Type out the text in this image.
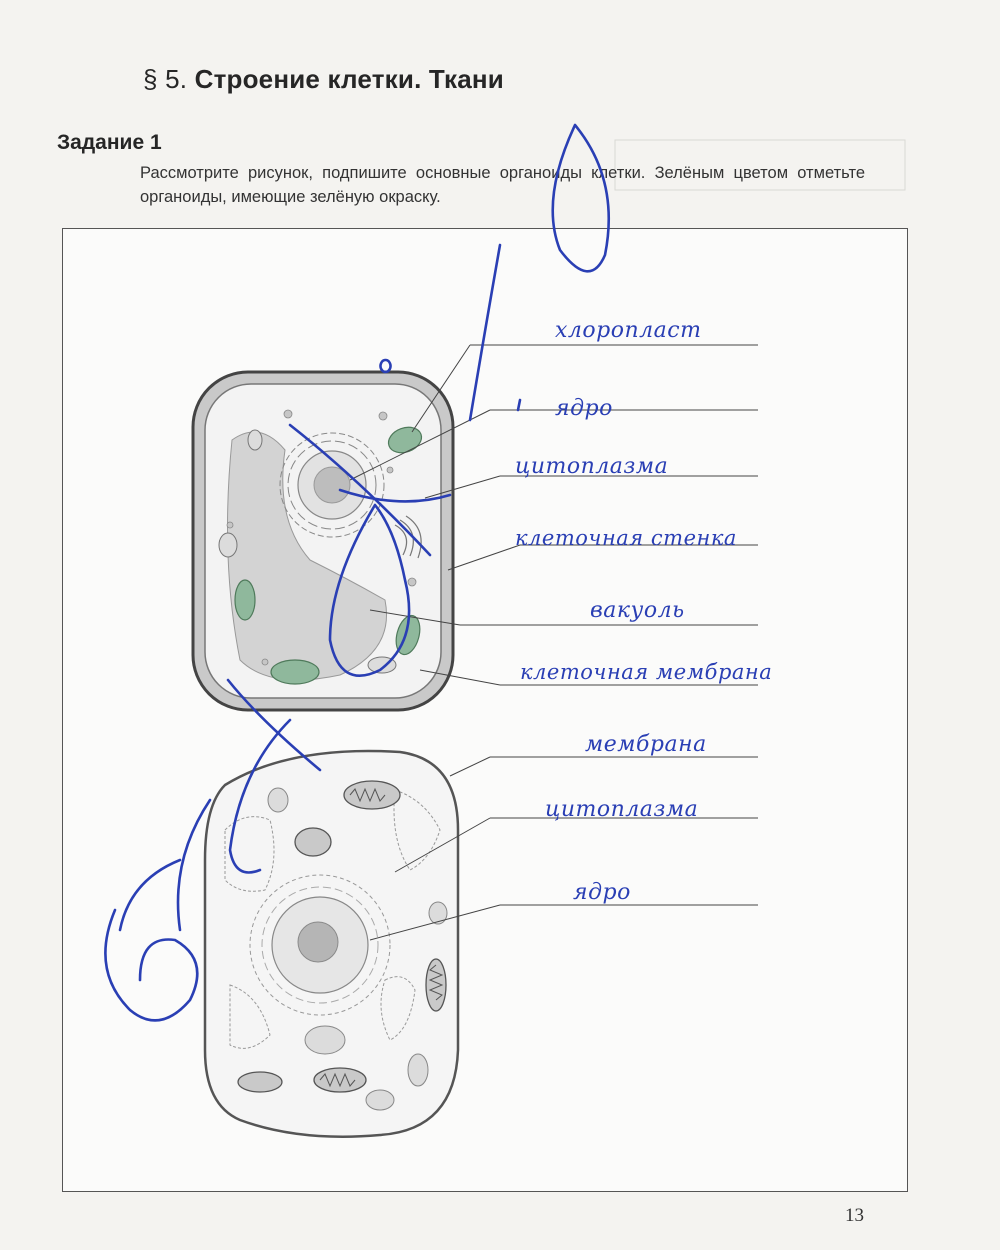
§ 5. Строение клетки. Ткани
Задание 1
Рассмотрите рисунок, подпишите основные органоиды клетки. Зелёным цветом отметьте органоиды, имеющие зелёную окраску.
хлоропласт
ядро
цитоплазма
клеточная стенка
вакуоль
клеточная мембрана
мембрана
цитоплазма
ядро
13
